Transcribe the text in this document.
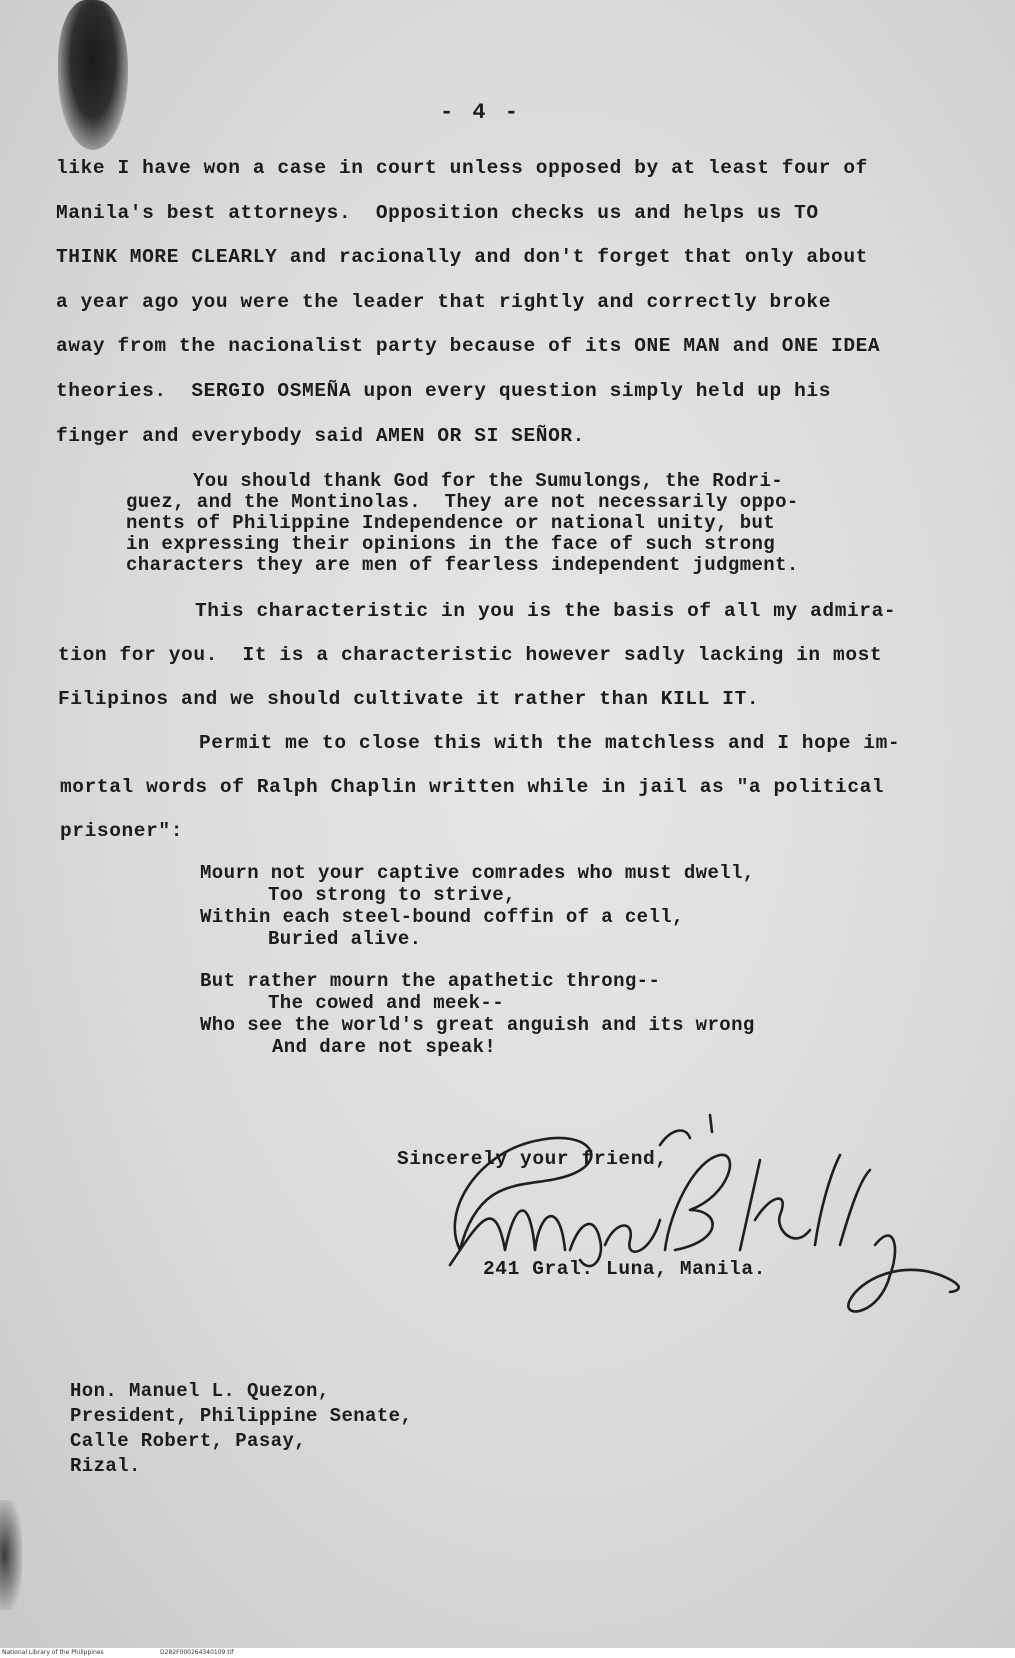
- 4 -
like I have won a case in court unless opposed by at least four of
Manila's best attorneys.  Opposition checks us and helps us TO
THINK MORE CLEARLY and racionally and don't forget that only about
a year ago you were the leader that rightly and correctly broke
away from the nacionalist party because of its ONE MAN and ONE IDEA
theories.  SERGIO OSMEÑA upon every question simply held up his
finger and everybody said AMEN OR SI SEÑOR.
You should thank God for the Sumulongs, the Rodri-
guez, and the Montinolas.  They are not necessarily oppo-
nents of Philippine Independence or national unity, but
in expressing their opinions in the face of such strong
characters they are men of fearless independent judgment.
This characteristic in you is the basis of all my admira-
tion for you.  It is a characteristic however sadly lacking in most
Filipinos and we should cultivate it rather than KILL IT.
Permit me to close this with the matchless and I hope im-
mortal words of Ralph Chaplin written while in jail as "a political
prisoner":
Mourn not your captive comrades who must dwell,
Too strong to strive,
Within each steel-bound coffin of a cell,
Buried alive.
But rather mourn the apathetic throng--
The cowed and meek--
Who see the world's great anguish and its wrong
And dare not speak!
Sincerely your friend,
241 Gral. Luna, Manila.
Hon. Manuel L. Quezon,
President, Philippine Senate,
Calle Robert, Pasay,
Rizal.
National Library of the Philippines	D282F000264340109.tif
